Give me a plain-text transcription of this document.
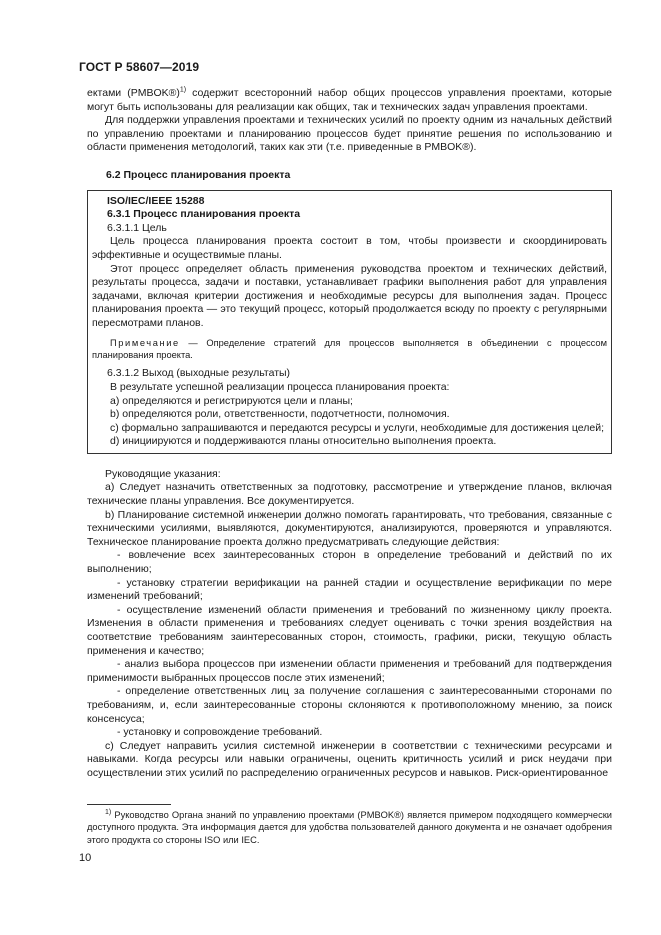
ГОСТ Р 58607—2019

ектами (PMBOK®)$^{1)}$ содержит всесторонний набор общих процессов управления проектами, которые могут быть использованы для реализации как общих, так и технических задач управления проектами.

Для поддержки управления проектами и технических усилий по проекту одним из начальных действий по управлению проектами и планированию процессов будет принятие решения по использованию и области применения методологий, таких как эти (т.е. приведенные в PMBOK®).

6.2 Процесс планирования проекта

ISO/IEC/IEEE 15288

6.3.1 Процесс планирования проекта

6.3.1.1 Цель

Цель процесса планирования проекта состоит в том, чтобы произвести и скоординировать эффективные и осуществимые планы.

Этот процесс определяет область применения руководства проектом и технических действий, результаты процесса, задачи и поставки, устанавливает графики выполнения работ для управления задачами, включая критерии достижения и необходимые ресурсы для выполнения задач. Процесс планирования проекта — это текущий процесс, который продолжается всюду по проекту с регулярными пересмотрами планов.

Примечание — Определение стратегий для процессов выполняется в объединении с процессом планирования проекта.

6.3.1.2 Выход (выходные результаты)

В результате успешной реализации процесса планирования проекта:

a) определяются и регистрируются цели и планы;

b) определяются роли, ответственности, подотчетности, полномочия.

c) формально запрашиваются и передаются ресурсы и услуги, необходимые для достижения целей;

d) инициируются и поддерживаются планы относительно выполнения проекта.

Руководящие указания:

a) Следует назначить ответственных за подготовку, рассмотрение и утверждение планов, включая технические планы управления. Все документируется.

b) Планирование системной инженерии должно помогать гарантировать, что требования, связанные с техническими усилиями, выявляются, документируются, анализируются, проверяются и управляются. Техническое планирование проекта должно предусматривать следующие действия:

- вовлечение всех заинтересованных сторон в определение требований и действий по их выполнению;

- установку стратегии верификации на ранней стадии и осуществление верификации по мере изменений требований;

- осуществление изменений области применения и требований по жизненному циклу проекта. Изменения в области применения и требованиях следует оценивать с точки зрения воздействия на соответствие требованиям заинтересованных сторон, стоимость, графики, риски, текущую область применения и качество;

- анализ выбора процессов при изменении области применения и требований для подтверждения применимости выбранных процессов после этих изменений;

- определение ответственных лиц за получение соглашения с заинтересованными сторонами по требованиям, и, если заинтересованные стороны склоняются к противоположному мнению, за поиск консенсуса;

- установку и сопровождение требований.

c) Следует направить усилия системной инженерии в соответствии с техническими ресурсами и навыками. Когда ресурсы или навыки ограничены, оценить критичность усилий и риск неудачи при осуществлении этих усилий по распределению ограниченных ресурсов и навыков. Риск-ориентированное

$^{1)}$ Руководство Органа знаний по управлению проектами (PMBOK®) является примером подходящего коммерчески доступного продукта. Эта информация дается для удобства пользователей данного документа и не означает одобрения этого продукта со стороны ISO или IEC.

10
